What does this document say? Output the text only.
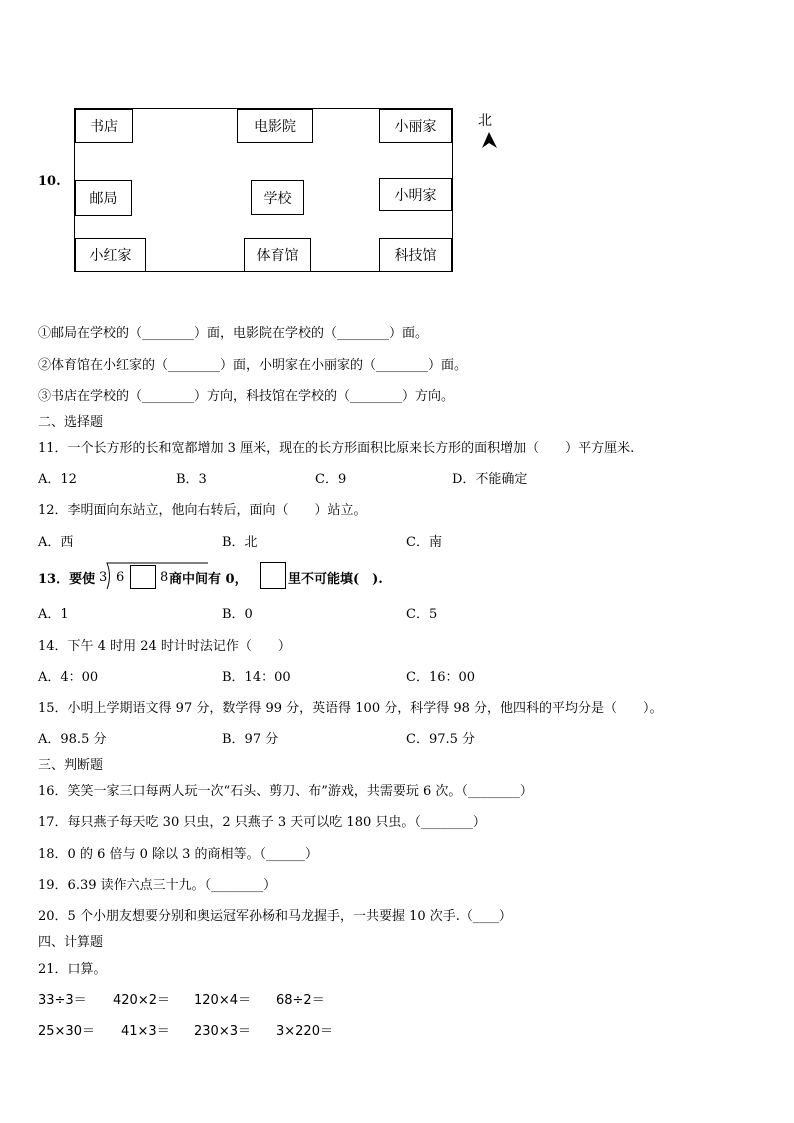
10.
书店	电影院	小丽家
邮局	学校	小明家
小红家	体育馆	科技馆
北
①邮局在学校的（________）面，电影院在学校的（________）面。
②体育馆在小红家的（________）面，小明家在小丽家的（________）面。
③书店在学校的（________）方向，科技馆在学校的（________）方向。
二、选择题
11．一个长方形的长和宽都增加 3 厘米，现在的长方形面积比原来长方形的面积增加（　　）平方厘米.
A．12	B．3	C．9	D．不能确定
12．李明面向东站立，他向右转后，面向（　　）站立。
A．西	B．北	C．南
13．要使 3 6	8 商中间有 0，	里不可能填(　).
A．1	B．0	C．5
14．下午 4 时用 24 时计时法记作（　　）
A．4：00	B．14：00	C．16：00
15．小明上学期语文得 97 分，数学得 99 分，英语得 100 分，科学得 98 分，他四科的平均分是（　　）。
A．98.5 分	B．97 分	C．97.5 分
三、判断题
16．笑笑一家三口每两人玩一次“石头、剪刀、布”游戏，共需要玩 6 次。（________）
17．每只燕子每天吃 30 只虫，2 只燕子 3 天可以吃 180 只虫。（________）
18．0 的 6 倍与 0 除以 3 的商相等。（______）
19．6.39 读作六点三十九。（________）
20．5 个小朋友想要分别和奥运冠军孙杨和马龙握手，一共要握 10 次手.（____）
四、计算题
21．口算。
33÷3＝ 420×2＝ 120×4＝ 68÷2＝
25×30＝ 41×3＝ 230×3＝ 3×220＝
